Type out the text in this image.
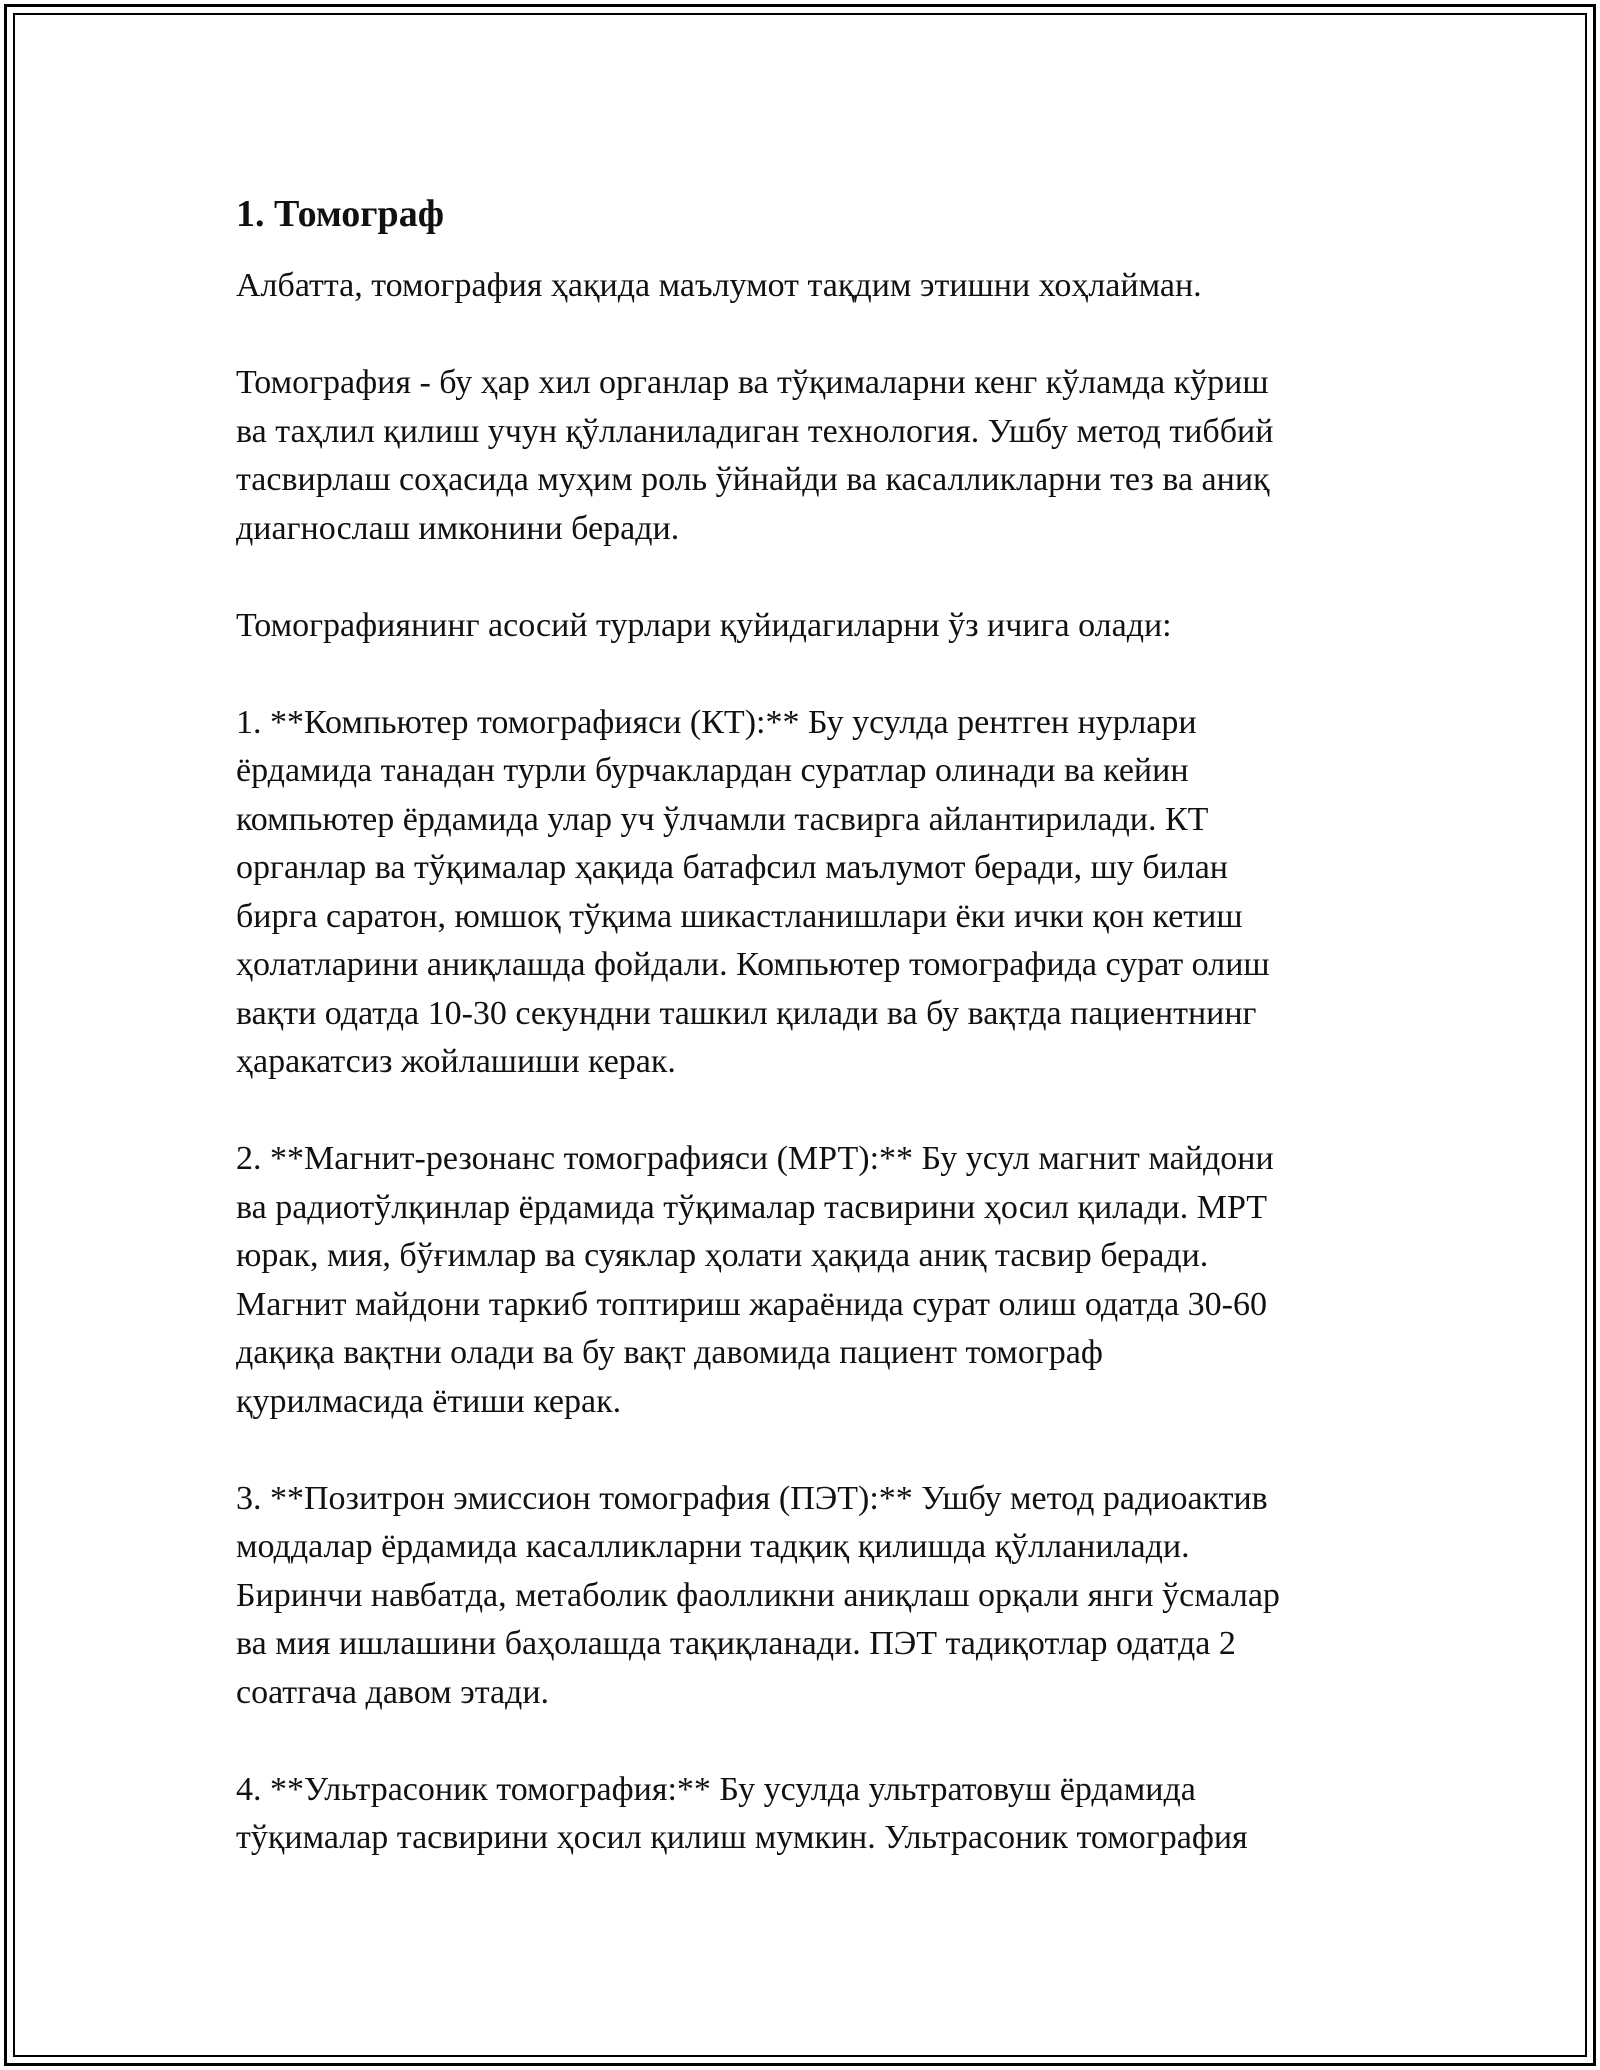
1. Томограф

Албатта, томография ҳақида маълумот тақдим этишни хоҳлайман.

Томография - бу ҳар хил органлар ва тўқималарни кенг кўламда кўриш
ва таҳлил қилиш учун қўлланиладиган технология. Ушбу метод тиббий
тасвирлаш соҳасида муҳим роль ўйнайди ва касалликларни тез ва аниқ
диагнослаш имконини беради.

Томографиянинг асосий турлари қуйидагиларни ўз ичига олади:

1. **Компьютер томографияси (КТ):** Бу усулда рентген нурлари
ёрдамида танадан турли бурчаклардан суратлар олинади ва кейин
компьютер ёрдамида улар уч ўлчамли тасвирга айлантирилади. КТ
органлар ва тўқималар ҳақида батафсил маълумот беради, шу билан
бирга саратон, юмшоқ тўқима шикастланишлари ёки ички қон кетиш
ҳолатларини аниқлашда фойдали. Компьютер томографида сурат олиш
вақти одатда 10-30 секундни ташкил қилади ва бу вақтда пациентнинг
ҳаракатсиз жойлашиши керак.

2. **Магнит-резонанс томографияси (МРТ):** Бу усул магнит майдони
ва радиотўлқинлар ёрдамида тўқималар тасвирини ҳосил қилади. МРТ
юрак, мия, бўғимлар ва суяклар ҳолати ҳақида аниқ тасвир беради.
Магнит майдони таркиб топтириш жараёнида сурат олиш одатда 30-60
дақиқа вақтни олади ва бу вақт давомида пациент томограф
қурилмасида ётиши керак.

3. **Позитрон эмиссион томография (ПЭТ):** Ушбу метод радиоактив
моддалар ёрдамида касалликларни тадқиқ қилишда қўлланилади.
Биринчи навбатда, метаболик фаолликни аниқлаш орқали янги ўсмалар
ва мия ишлашини баҳолашда тақиқланади. ПЭТ тадиқотлар одатда 2
соатгача давом этади.

4. **Ультрасоник томография:** Бу усулда ультратовуш ёрдамида
тўқималар тасвирини ҳосил қилиш мумкин. Ультрасоник томография
